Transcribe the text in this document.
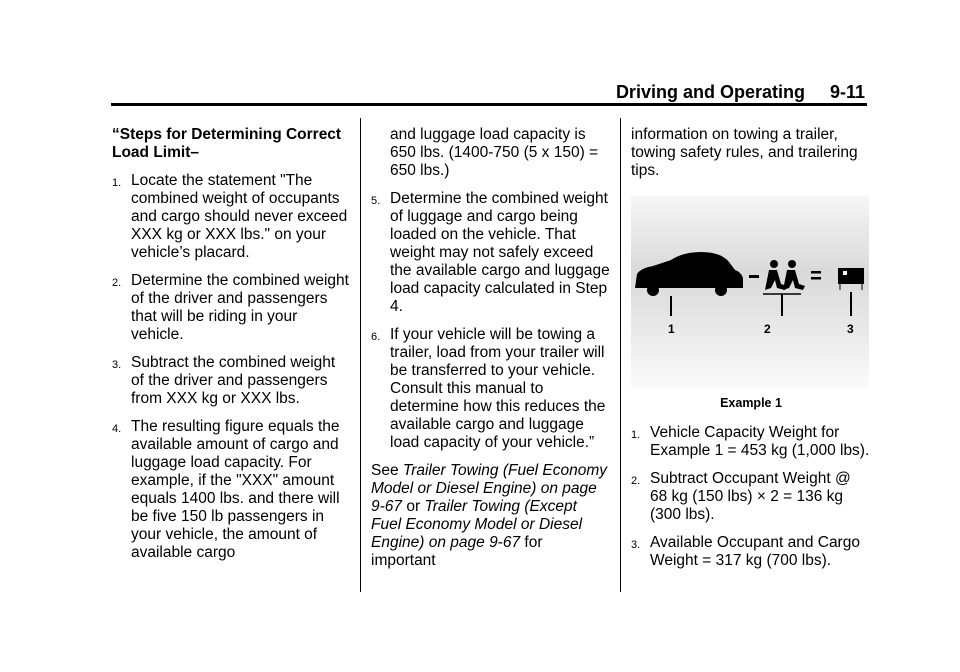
Driving and Operating     9-11

“Steps for Determining Correct Load Limit–

1. Locate the statement "The combined weight of occupants and cargo should never exceed XXX kg or XXX lbs." on your vehicle’s placard.
2. Determine the combined weight of the driver and passengers that will be riding in your vehicle.
3. Subtract the combined weight of the driver and passengers from XXX kg or XXX lbs.
4. The resulting figure equals the available amount of cargo and luggage load capacity. For example, if the "XXX" amount equals 1400 lbs. and there will be five 150 lb passengers in your vehicle, the amount of available cargo

and luggage load capacity is 650 lbs. (1400-750 (5 x 150) = 650 lbs.)

5. Determine the combined weight of luggage and cargo being loaded on the vehicle. That weight may not safely exceed the available cargo and luggage load capacity calculated in Step 4.
6. If your vehicle will be towing a trailer, load from your trailer will be transferred to your vehicle. Consult this manual to determine how this reduces the available cargo and luggage load capacity of your vehicle.”

See Trailer Towing (Fuel Economy Model or Diesel Engine) on page 9-67 or Trailer Towing (Except Fuel Economy Model or Diesel Engine) on page 9-67 for important

information on towing a trailer, towing safety rules, and trailering tips.

1	2	3
Example 1
1. Vehicle Capacity Weight for Example 1 = 453 kg (1,000 lbs).
2. Subtract Occupant Weight @ 68 kg (150 lbs) × 2 = 136 kg (300 lbs).
3. Available Occupant and Cargo Weight = 317 kg (700 lbs).
